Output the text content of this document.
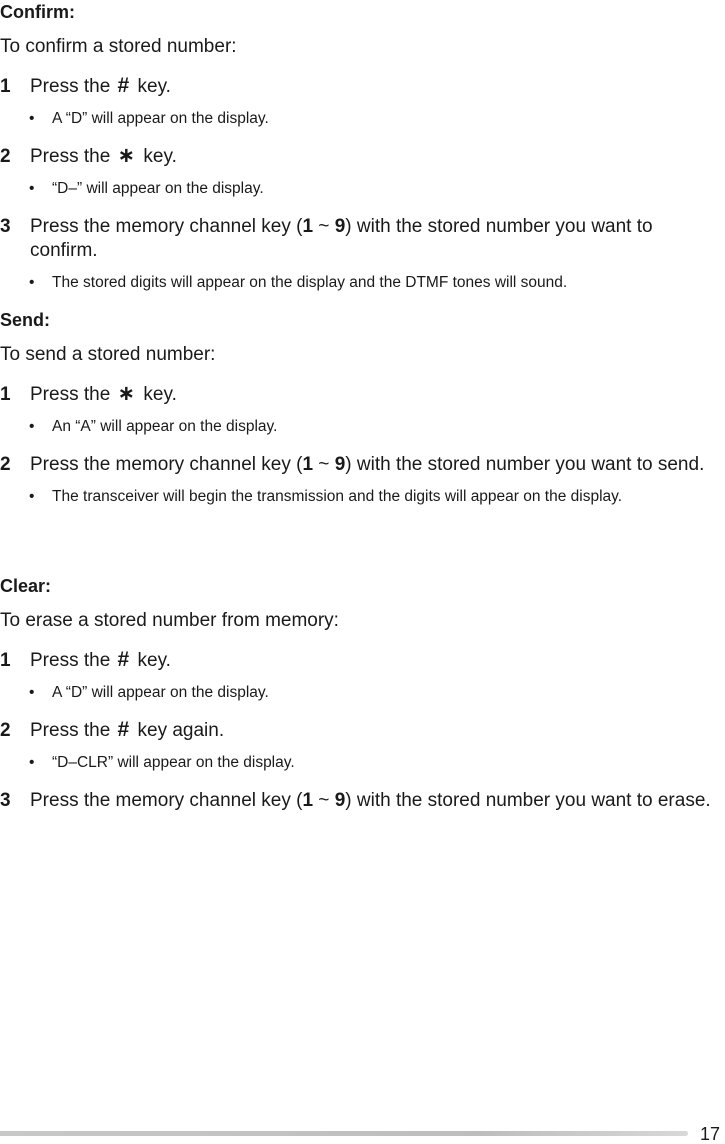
Confirm:
To confirm a stored number:
1 Press the # key.
• A “D” will appear on the display.
2 Press the ∗ key.
• “D–” will appear on the display.
3 Press the memory channel key (1 ~ 9) with the stored number you want to confirm.
• The stored digits will appear on the display and the DTMF tones will sound.
Send:
To send a stored number:
1 Press the ∗ key.
• An “A” will appear on the display.
2 Press the memory channel key (1 ~ 9) with the stored number you want to send.
• The transceiver will begin the transmission and the digits will appear on the display.
Clear:
To erase a stored number from memory:
1 Press the # key.
• A “D” will appear on the display.
2 Press the # key again.
• “D–CLR” will appear on the display.
3 Press the memory channel key (1 ~ 9) with the stored number you want to erase.
17
